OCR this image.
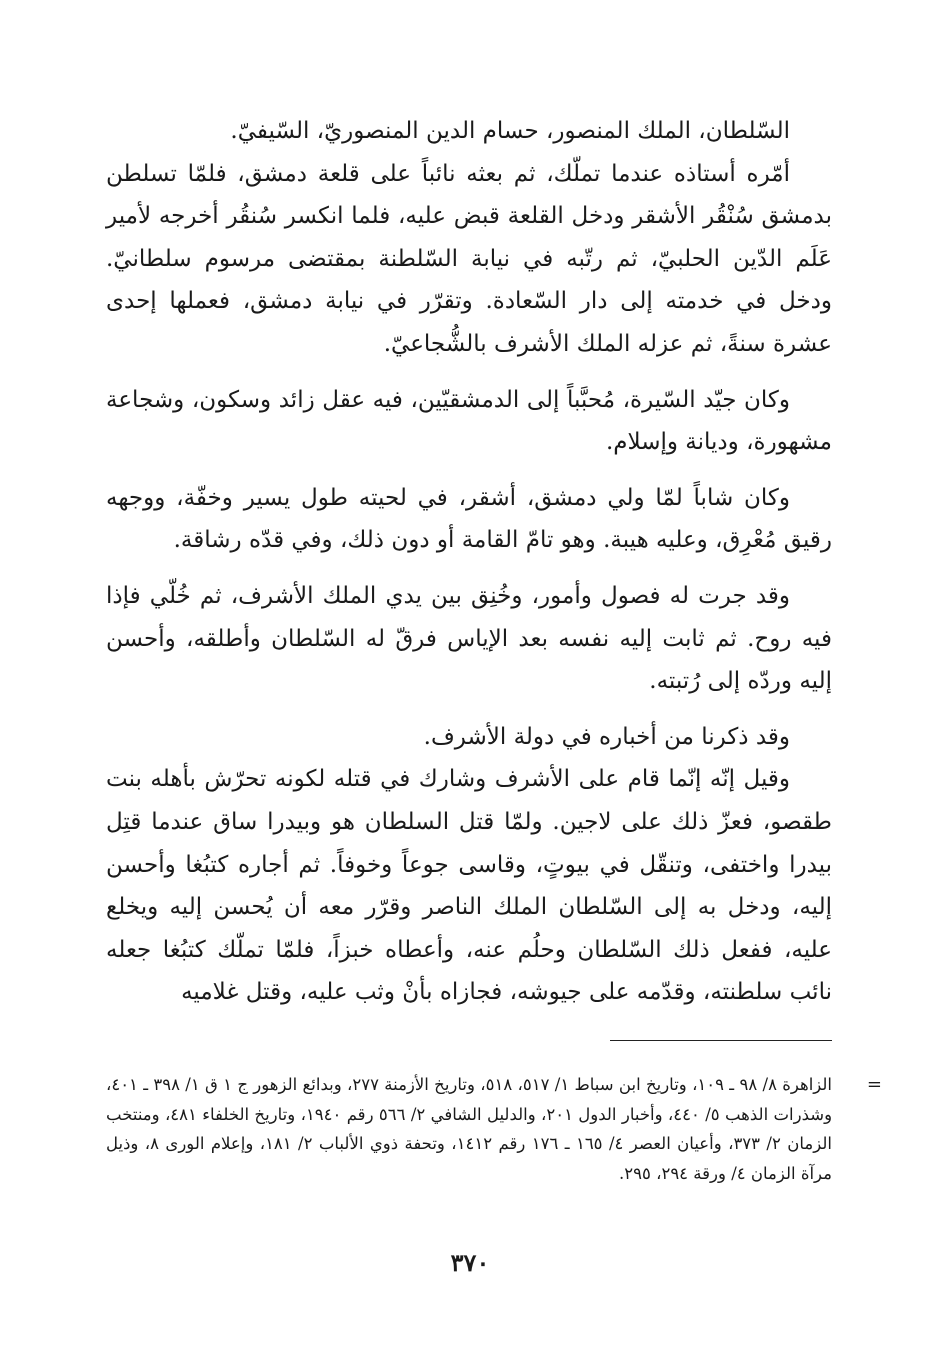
السّلطان، الملك المنصور، حسام الدين المنصوريّ، السّيفيّ.

أمّره أستاذه عندما تملّك، ثم بعثه نائباً على قلعة دمشق، فلمّا تسلطن بدمشق سُنْقُر الأشقر ودخل القلعة قبض عليه، فلما انكسر سُنقُر أخرجه لأمير عَلَم الدّين الحلبيّ، ثم رتّبه في نيابة السّلطنة بمقتضى مرسوم سلطانيّ. ودخل في خدمته إلى دار السّعادة. وتقرّر في نيابة دمشق، فعملها إحدى عشرة سنةً، ثم عزله الملك الأشرف بالشُّجاعيّ.

وكان جيّد السّيرة، مُحبَّباً إلى الدمشقيّين، فيه عقل زائد وسكون، وشجاعة مشهورة، وديانة وإسلام.

وكان شاباً لمّا ولي دمشق، أشقر، في لحيته طول يسير وخفّة، ووجهه رقيق مُعْرِق، وعليه هيبة. وهو تامّ القامة أو دون ذلك، وفي قدّه رشاقة.

وقد جرت له فصول وأمور، وخُنِق بين يدي الملك الأشرف، ثم خُلّي فإذا فيه روح. ثم ثابت إليه نفسه بعد الإياس فرقّ له السّلطان وأطلقه، وأحسن إليه وردّه إلى رُتبته.

وقد ذكرنا من أخباره في دولة الأشرف.

وقيل إنّه إنّما قام على الأشرف وشارك في قتله لكونه تحرّش بأهله بنت طقصو، فعزّ ذلك على لاجين. ولمّا قتل السلطان هو وبيدرا ساق عندما قتِل بيدرا واختفى، وتنقّل في بيوتٍ، وقاسى جوعاً وخوفاً. ثم أجاره كتبُغا وأحسن إليه، ودخل به إلى السّلطان الملك الناصر وقرّر معه أن يُحسن إليه ويخلع عليه، ففعل ذلك السّلطان وحلُم عنه، وأعطاه خبزاً، فلمّا تملّك كتبُغا جعله نائب سلطنته، وقدّمه على جيوشه، فجازاه بأنْ وثب عليه، وقتل غلاميه

=
الزاهرة ٨/ ٩٨ ـ ١٠٩، وتاريخ ابن سباط ١/ ٥١٧، ٥١٨، وتاريخ الأزمنة ٢٧٧، وبدائع الزهور ج ١ ق ١/ ٣٩٨ ـ ٤٠١، وشذرات الذهب ٥/ ٤٤٠، وأخبار الدول ٢٠١، والدليل الشافي ٢/ ٥٦٦ رقم ١٩٤٠، وتاريخ الخلفاء ٤٨١، ومنتخب الزمان ٢/ ٣٧٣، وأعيان العصر ٤/ ١٦٥ ـ ١٧٦ رقم ١٤١٢، وتحفة ذوي الألباب ٢/ ١٨١، وإعلام الورى ٨، وذيل مرآة الزمان ٤/ ورقة ٢٩٤، ٢٩٥.
٣٧٠
